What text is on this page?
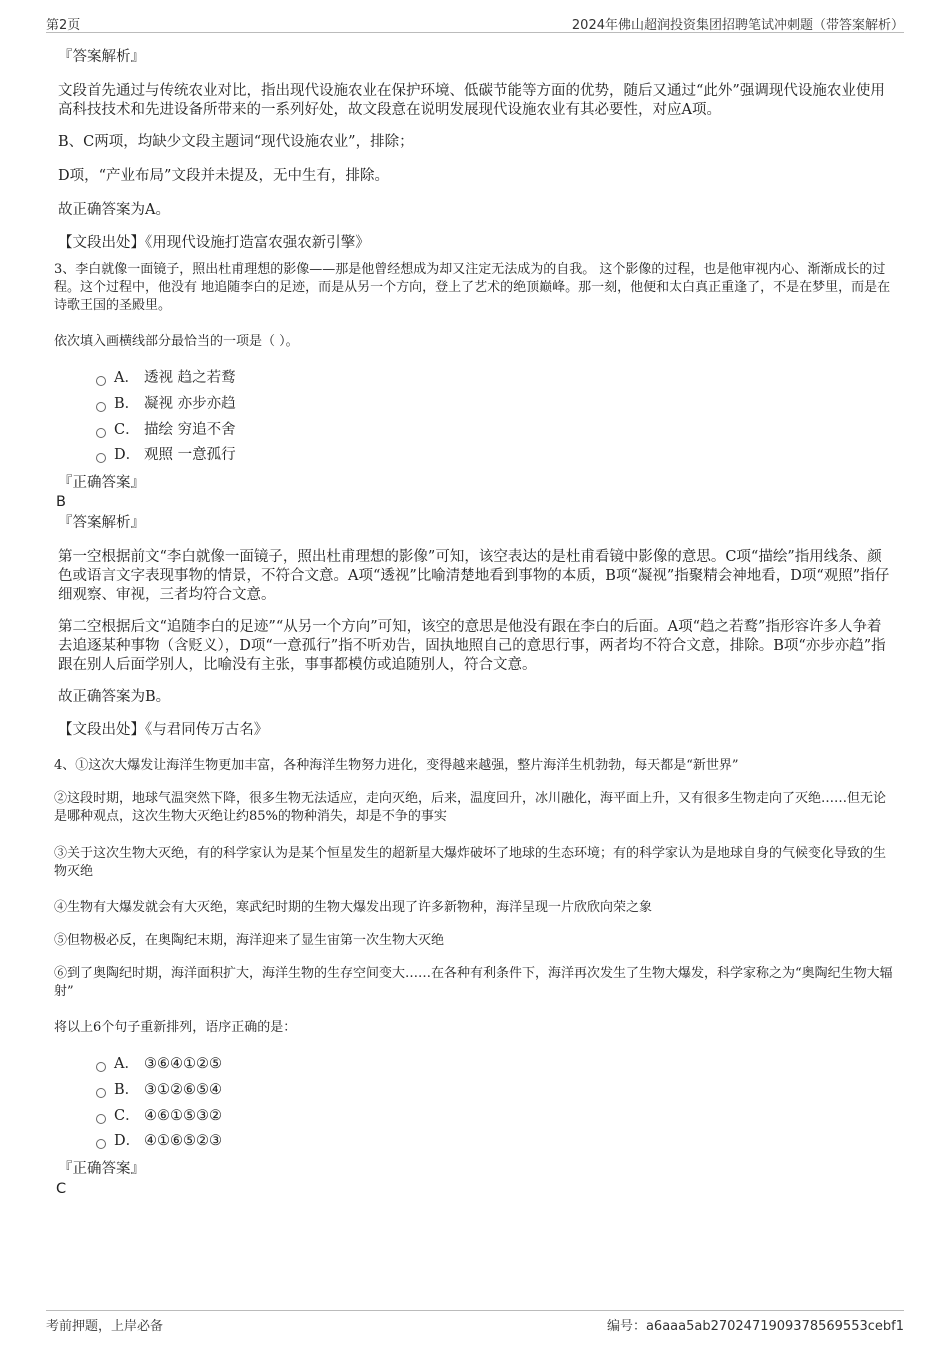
第2页	2024年佛山超润投资集团招聘笔试冲刺题（带答案解析）
『答案解析』
文段首先通过与传统农业对比，指出现代设施农业在保护环境、低碳节能等方面的优势，随后又通过“此外”强调现代设施农业使用高科技技术和先进设备所带来的一系列好处，故文段意在说明发展现代设施农业有其必要性，对应A项。
B、C两项，均缺少文段主题词“现代设施农业”，排除；
D项，“产业布局”文段并未提及，无中生有，排除。
故正确答案为A。
【文段出处】《用现代设施打造富农强农新引擎》
3、李白就像一面镜子，照出杜甫理想的影像——那是他曾经想成为却又注定无法成为的自我。 这个影像的过程，也是他审视内心、渐渐成长的过程。这个过程中，他没有 地追随李白的足迹，而是从另一个方向，登上了艺术的绝顶巅峰。那一刻，他便和太白真正重逢了，不是在梦里，而是在诗歌王国的圣殿里。
依次填入画横线部分最恰当的一项是（ ）。
A． 透视 趋之若鹜
B． 凝视 亦步亦趋
C． 描绘 穷追不舍
D． 观照 一意孤行
『正确答案』
B
『答案解析』
第一空根据前文“李白就像一面镜子，照出杜甫理想的影像”可知，该空表达的是杜甫看镜中影像的意思。C项“描绘”指用线条、颜色或语言文字表现事物的情景，不符合文意。A项“透视”比喻清楚地看到事物的本质，B项“凝视”指聚精会神地看，D项“观照”指仔细观察、审视，三者均符合文意。
第二空根据后文“追随李白的足迹”“从另一个方向”可知，该空的意思是他没有跟在李白的后面。A项“趋之若鹜”指形容许多人争着去追逐某种事物（含贬义），D项“一意孤行”指不听劝告，固执地照自己的意思行事，两者均不符合文意，排除。B项“亦步亦趋”指跟在别人后面学别人，比喻没有主张，事事都模仿或追随别人，符合文意。
故正确答案为B。
【文段出处】《与君同传万古名》
4、①这次大爆发让海洋生物更加丰富，各种海洋生物努力进化，变得越来越强，整片海洋生机勃勃，每天都是“新世界”
②这段时期，地球气温突然下降，很多生物无法适应，走向灭绝，后来，温度回升，冰川融化，海平面上升，又有很多生物走向了灭绝……但无论是哪种观点，这次生物大灭绝让约85%的物种消失，却是不争的事实
③关于这次生物大灭绝，有的科学家认为是某个恒星发生的超新星大爆炸破坏了地球的生态环境；有的科学家认为是地球自身的气候变化导致的生物灭绝
④生物有大爆发就会有大灭绝，寒武纪时期的生物大爆发出现了许多新物种，海洋呈现一片欣欣向荣之象
⑤但物极必反，在奥陶纪末期，海洋迎来了显生宙第一次生物大灭绝
⑥到了奥陶纪时期，海洋面积扩大，海洋生物的生存空间变大……在各种有利条件下，海洋再次发生了生物大爆发，科学家称之为“奥陶纪生物大辐射”
将以上6个句子重新排列，语序正确的是：
A． ③⑥④①②⑤
B． ③①②⑥⑤④
C． ④⑥①⑤③②
D． ④①⑥⑤②③
『正确答案』
C
考前押题，上岸必备	编号：a6aaa5ab2702471909378569553cebf1
